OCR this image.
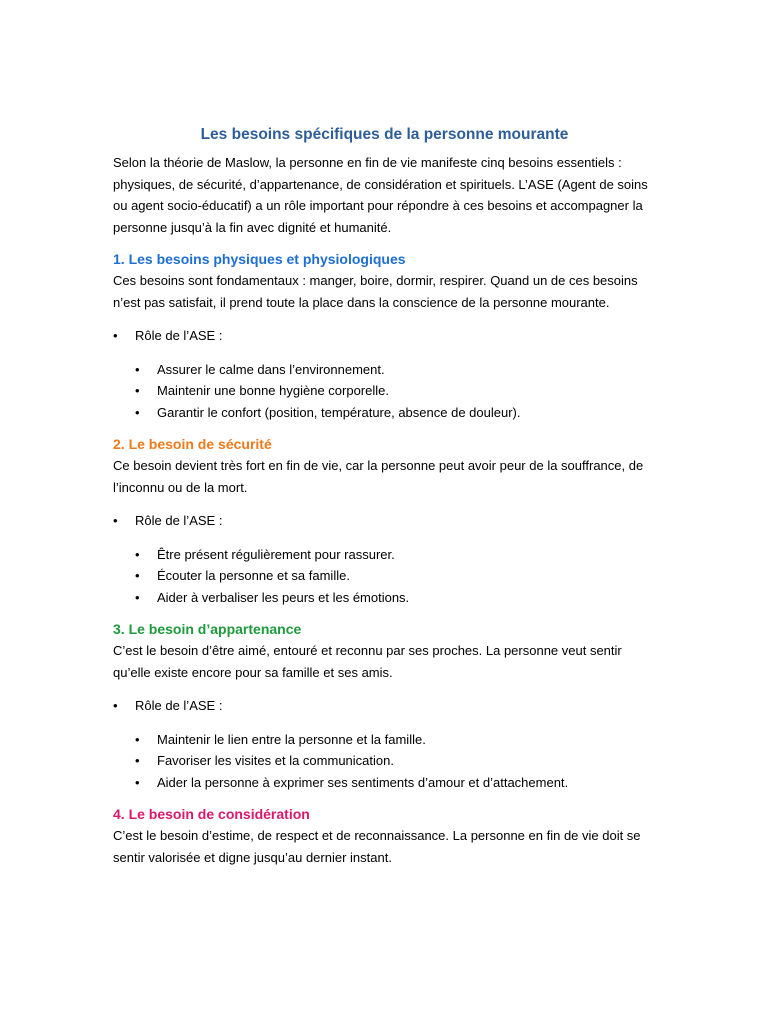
Les besoins spécifiques de la personne mourante

Selon la théorie de Maslow, la personne en fin de vie manifeste cinq besoins essentiels : physiques, de sécurité, d’appartenance, de considération et spirituels. L’ASE (Agent de soins ou agent socio-éducatif) a un rôle important pour répondre à ces besoins et accompagner la personne jusqu’à la fin avec dignité et humanité.

1. Les besoins physiques et physiologiques

Ces besoins sont fondamentaux : manger, boire, dormir, respirer. Quand un de ces besoins n’est pas satisfait, il prend toute la place dans la conscience de la personne mourante.

•	Rôle de l’ASE :
•	Assurer le calme dans l’environnement.
•	Maintenir une bonne hygiène corporelle.
•	Garantir le confort (position, température, absence de douleur).
2. Le besoin de sécurité

Ce besoin devient très fort en fin de vie, car la personne peut avoir peur de la souffrance, de l’inconnu ou de la mort.

•	Rôle de l’ASE :
•	Être présent régulièrement pour rassurer.
•	Écouter la personne et sa famille.
•	Aider à verbaliser les peurs et les émotions.
3. Le besoin d’appartenance

C’est le besoin d’être aimé, entouré et reconnu par ses proches. La personne veut sentir qu’elle existe encore pour sa famille et ses amis.

•	Rôle de l’ASE :
•	Maintenir le lien entre la personne et la famille.
•	Favoriser les visites et la communication.
•	Aider la personne à exprimer ses sentiments d’amour et d’attachement.
4. Le besoin de considération

C’est le besoin d’estime, de respect et de reconnaissance. La personne en fin de vie doit se sentir valorisée et digne jusqu’au dernier instant.
